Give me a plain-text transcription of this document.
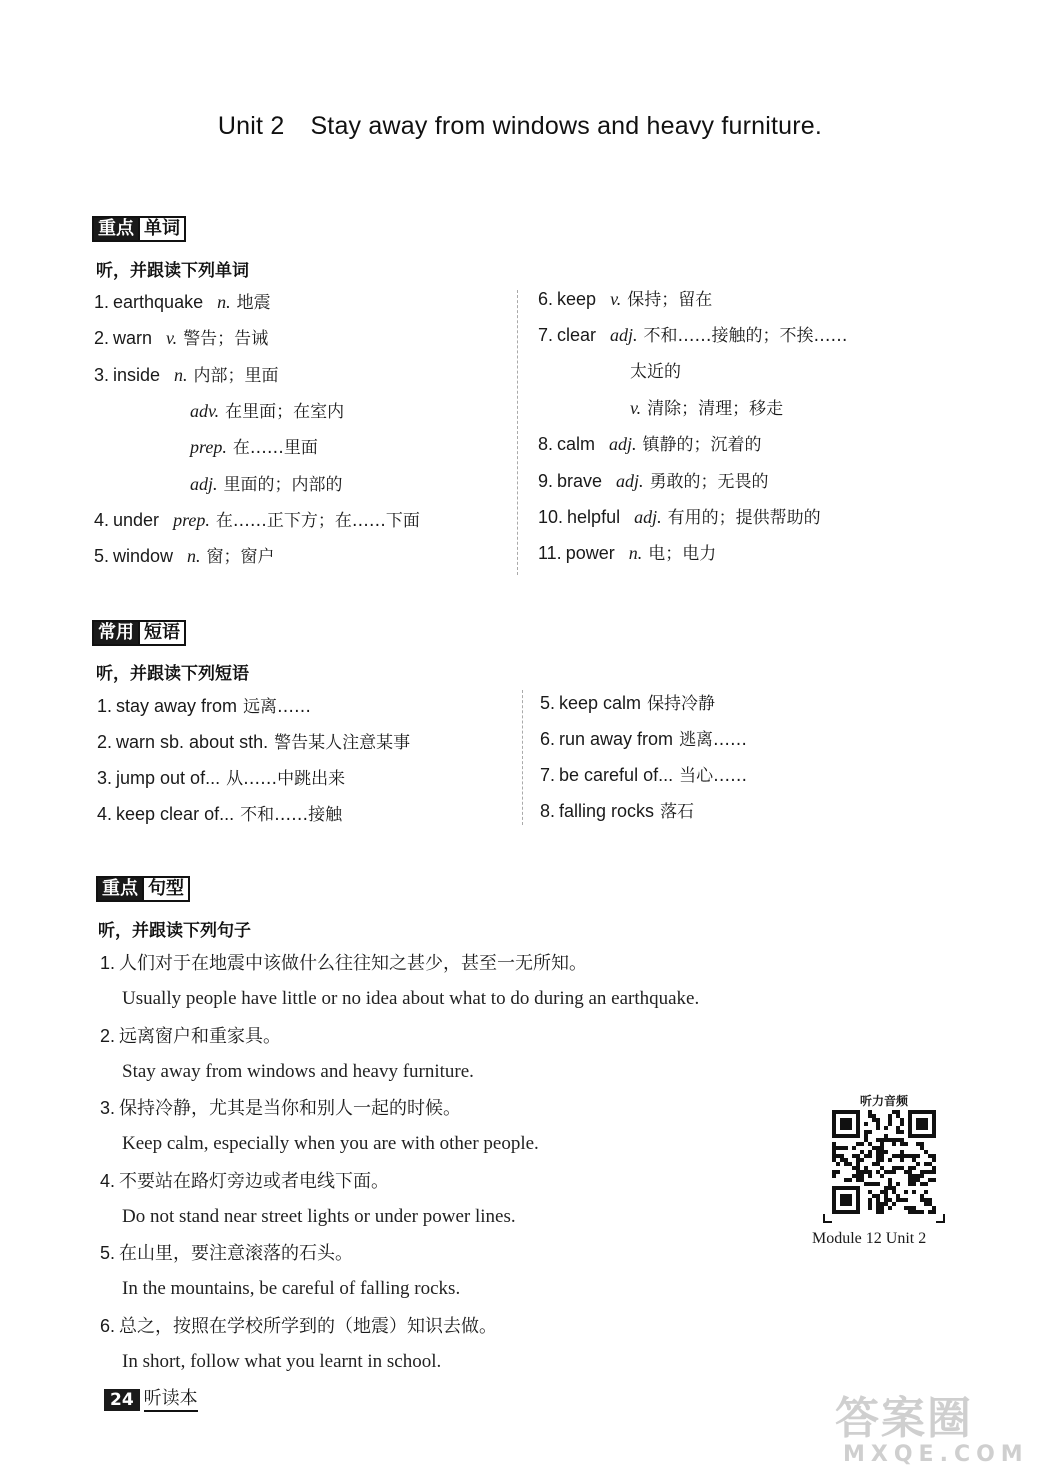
Unit 2 Stay away from windows and heavy furniture.
重点 单词
听，并跟读下列单词
1. earthquake n. 地震
2. warn v. 警告；告诫
3. inside n. 内部；里面
adv. 在里面；在室内
prep. 在……里面
adj. 里面的；内部的
4. under prep. 在……正下方；在……下面
5. window n. 窗；窗户
6. keep v. 保持；留在
7. clear adj. 不和……接触的；不挨……
太近的
v. 清除；清理；移走
8. calm adj. 镇静的；沉着的
9. brave adj. 勇敢的；无畏的
10. helpful adj. 有用的；提供帮助的
11. power n. 电；电力
常用 短语
听，并跟读下列短语
1. stay away from 远离……
2. warn sb. about sth. 警告某人注意某事
3. jump out of... 从……中跳出来
4. keep clear of... 不和……接触
5. keep calm 保持冷静
6. run away from 逃离……
7. be careful of... 当心……
8. falling rocks 落石
重点 句型
听，并跟读下列句子
1. 人们对于在地震中该做什么往往知之甚少，甚至一无所知。
Usually people have little or no idea about what to do during an earthquake.
2. 远离窗户和重家具。
Stay away from windows and heavy furniture.
3. 保持冷静，尤其是当你和别人一起的时候。
Keep calm, especially when you are with other people.
4. 不要站在路灯旁边或者电线下面。
Do not stand near street lights or under power lines.
5. 在山里，要注意滚落的石头。
In the mountains, be careful of falling rocks.
6. 总之，按照在学校所学到的（地震）知识去做。
In short, follow what you learnt in school.
听力音频
Module 12 Unit 2
24 听读本	答案圈
MXQE.COM
